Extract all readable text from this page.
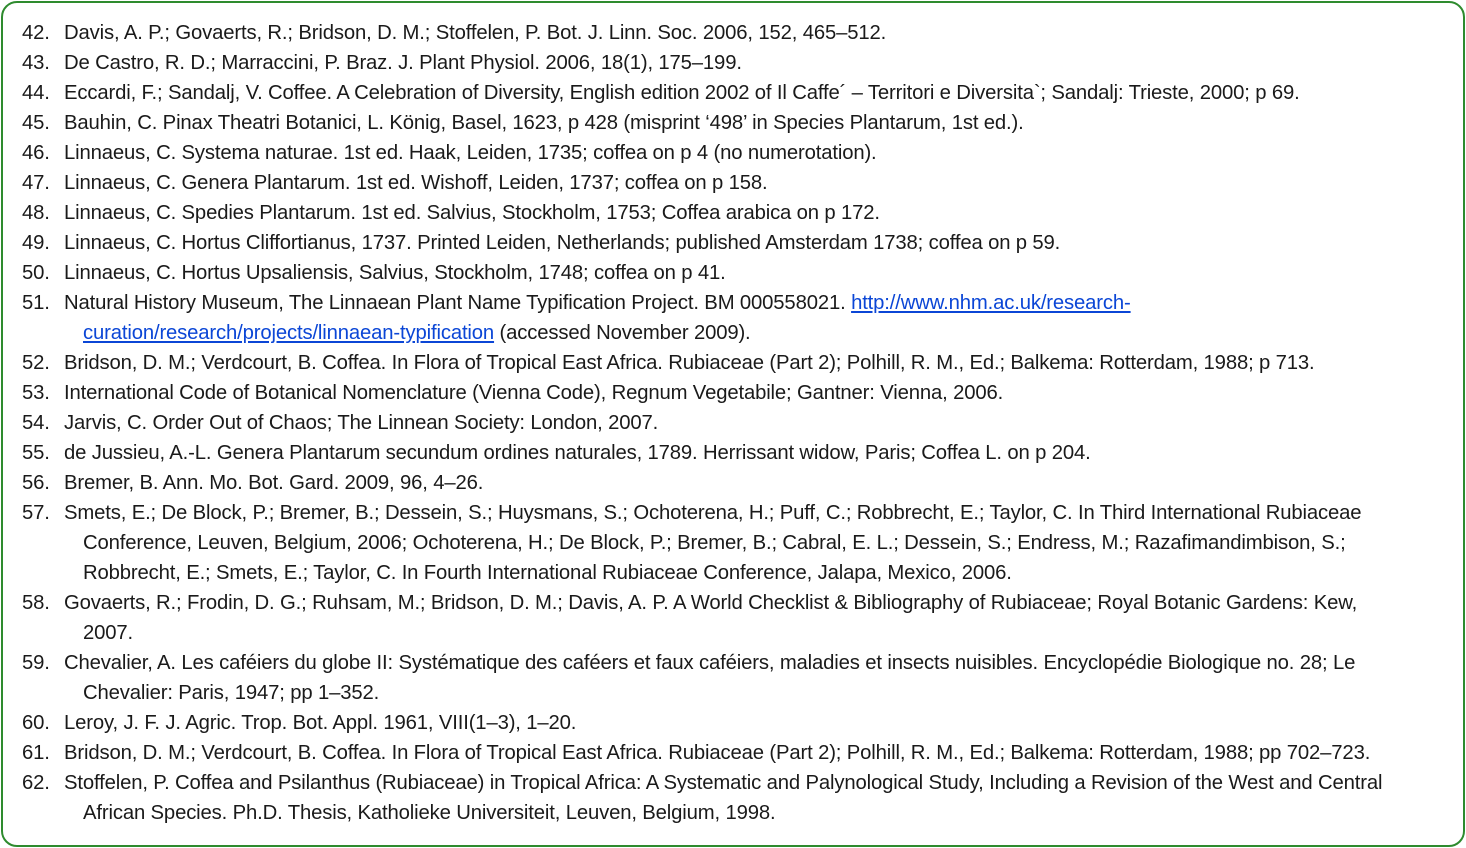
42. Davis, A. P.; Govaerts, R.; Bridson, D. M.; Stoffelen, P. Bot. J. Linn. Soc. 2006, 152, 465–512.
43. De Castro, R. D.; Marraccini, P. Braz. J. Plant Physiol. 2006, 18(1), 175–199.
44. Eccardi, F.; Sandalj, V. Coffee. A Celebration of Diversity, English edition 2002 of Il Caffe´ – Territori e Diversita`; Sandalj: Trieste, 2000; p 69.
45. Bauhin, C. Pinax Theatri Botanici, L. König, Basel, 1623, p 428 (misprint ‘498’ in Species Plantarum, 1st ed.).
46. Linnaeus, C. Systema naturae. 1st ed. Haak, Leiden, 1735; coffea on p 4 (no numerotation).
47. Linnaeus, C. Genera Plantarum. 1st ed. Wishoff, Leiden, 1737; coffea on p 158.
48. Linnaeus, C. Spedies Plantarum. 1st ed. Salvius, Stockholm, 1753; Coffea arabica on p 172.
49. Linnaeus, C. Hortus Cliffortianus, 1737. Printed Leiden, Netherlands; published Amsterdam 1738; coffea on p 59.
50. Linnaeus, C. Hortus Upsaliensis, Salvius, Stockholm, 1748; coffea on p 41.
51. Natural History Museum, The Linnaean Plant Name Typification Project. BM 000558021. http://www.nhm.ac.uk/research-
curation/research/projects/linnaean-typification (accessed November 2009).
52. Bridson, D. M.; Verdcourt, B. Coffea. In Flora of Tropical East Africa. Rubiaceae (Part 2); Polhill, R. M., Ed.; Balkema: Rotterdam, 1988; p 713.
53. International Code of Botanical Nomenclature (Vienna Code), Regnum Vegetabile; Gantner: Vienna, 2006.
54. Jarvis, C. Order Out of Chaos; The Linnean Society: London, 2007.
55. de Jussieu, A.-L. Genera Plantarum secundum ordines naturales, 1789. Herrissant widow, Paris; Coffea L. on p 204.
56. Bremer, B. Ann. Mo. Bot. Gard. 2009, 96, 4–26.
57. Smets, E.; De Block, P.; Bremer, B.; Dessein, S.; Huysmans, S.; Ochoterena, H.; Puff, C.; Robbrecht, E.; Taylor, C. In Third International Rubiaceae
Conference, Leuven, Belgium, 2006; Ochoterena, H.; De Block, P.; Bremer, B.; Cabral, E. L.; Dessein, S.; Endress, M.; Razafimandimbison, S.;
Robbrecht, E.; Smets, E.; Taylor, C. In Fourth International Rubiaceae Conference, Jalapa, Mexico, 2006.
58. Govaerts, R.; Frodin, D. G.; Ruhsam, M.; Bridson, D. M.; Davis, A. P. A World Checklist & Bibliography of Rubiaceae; Royal Botanic Gardens: Kew,
2007.
59. Chevalier, A. Les caféiers du globe II: Systématique des caféers et faux caféiers, maladies et insects nuisibles. Encyclopédie Biologique no. 28; Le
Chevalier: Paris, 1947; pp 1–352.
60. Leroy, J. F. J. Agric. Trop. Bot. Appl. 1961, VIII(1–3), 1–20.
61. Bridson, D. M.; Verdcourt, B. Coffea. In Flora of Tropical East Africa. Rubiaceae (Part 2); Polhill, R. M., Ed.; Balkema: Rotterdam, 1988; pp 702–723.
62. Stoffelen, P. Coffea and Psilanthus (Rubiaceae) in Tropical Africa: A Systematic and Palynological Study, Including a Revision of the West and Central
African Species. Ph.D. Thesis, Katholieke Universiteit, Leuven, Belgium, 1998.
